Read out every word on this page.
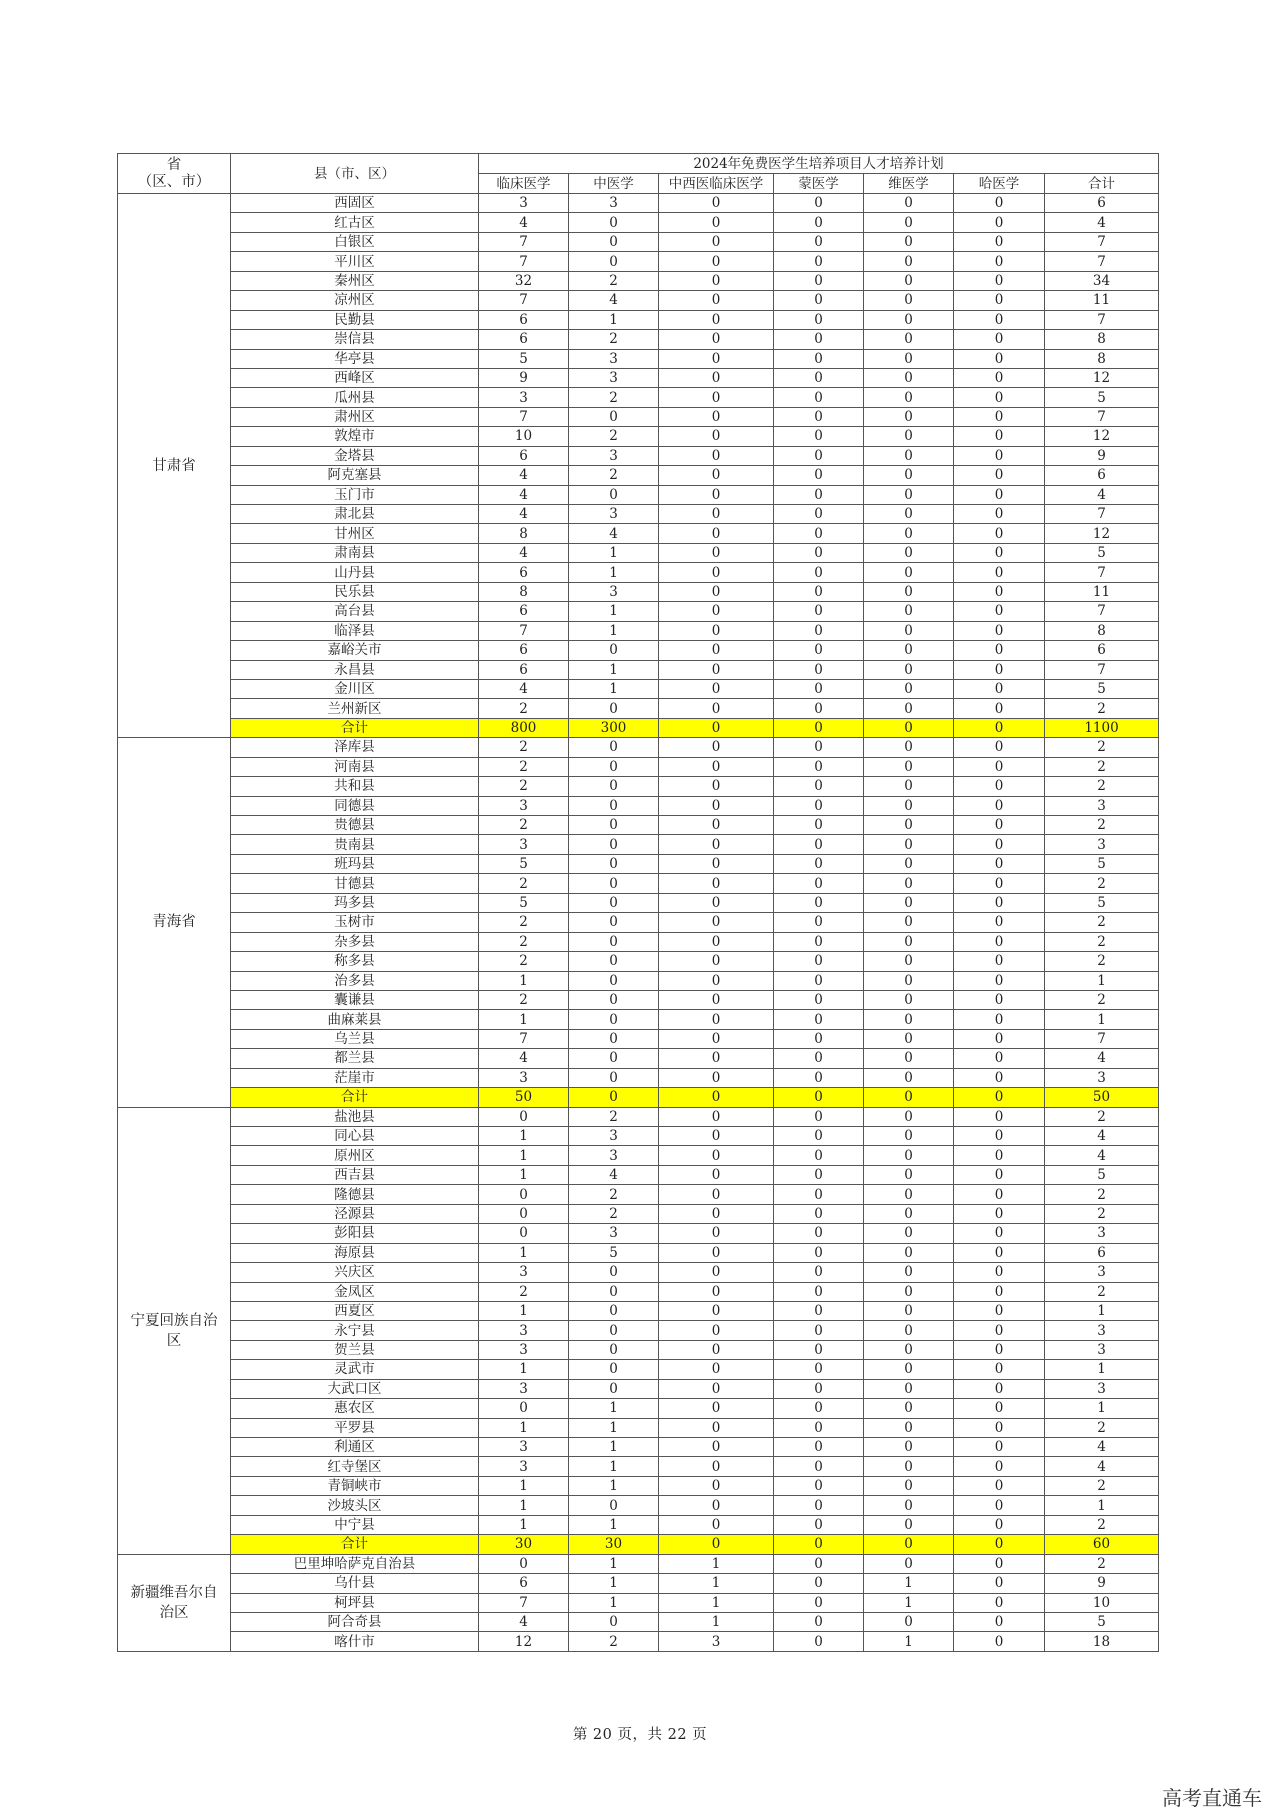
省
（区、市）	县（市、区）	2024年免费医学生培养项目人才培养计划						
		临床医学	中医学	中西医临床医学	蒙医学	维医学	哈医学	合计
甘肃省	西固区	3	3	0	0	0	0	6
	红古区	4	0	0	0	0	0	4
	白银区	7	0	0	0	0	0	7
	平川区	7	0	0	0	0	0	7
	秦州区	32	2	0	0	0	0	34
	凉州区	7	4	0	0	0	0	11
	民勤县	6	1	0	0	0	0	7
	崇信县	6	2	0	0	0	0	8
	华亭县	5	3	0	0	0	0	8
	西峰区	9	3	0	0	0	0	12
	瓜州县	3	2	0	0	0	0	5
	肃州区	7	0	0	0	0	0	7
	敦煌市	10	2	0	0	0	0	12
	金塔县	6	3	0	0	0	0	9
	阿克塞县	4	2	0	0	0	0	6
	玉门市	4	0	0	0	0	0	4
	肃北县	4	3	0	0	0	0	7
	甘州区	8	4	0	0	0	0	12
	肃南县	4	1	0	0	0	0	5
	山丹县	6	1	0	0	0	0	7
	民乐县	8	3	0	0	0	0	11
	高台县	6	1	0	0	0	0	7
	临泽县	7	1	0	0	0	0	8
	嘉峪关市	6	0	0	0	0	0	6
	永昌县	6	1	0	0	0	0	7
	金川区	4	1	0	0	0	0	5
	兰州新区	2	0	0	0	0	0	2
	合计	800	300	0	0	0	0	1100
青海省	泽库县	2	0	0	0	0	0	2
	河南县	2	0	0	0	0	0	2
	共和县	2	0	0	0	0	0	2
	同德县	3	0	0	0	0	0	3
	贵德县	2	0	0	0	0	0	2
	贵南县	3	0	0	0	0	0	3
	班玛县	5	0	0	0	0	0	5
	甘德县	2	0	0	0	0	0	2
	玛多县	5	0	0	0	0	0	5
	玉树市	2	0	0	0	0	0	2
	杂多县	2	0	0	0	0	0	2
	称多县	2	0	0	0	0	0	2
	治多县	1	0	0	0	0	0	1
	囊谦县	2	0	0	0	0	0	2
	曲麻莱县	1	0	0	0	0	0	1
	乌兰县	7	0	0	0	0	0	7
	都兰县	4	0	0	0	0	0	4
	茫崖市	3	0	0	0	0	0	3
	合计	50	0	0	0	0	0	50
宁夏回族自治区	盐池县	0	2	0	0	0	0	2
	同心县	1	3	0	0	0	0	4
	原州区	1	3	0	0	0	0	4
	西吉县	1	4	0	0	0	0	5
	隆德县	0	2	0	0	0	0	2
	泾源县	0	2	0	0	0	0	2
	彭阳县	0	3	0	0	0	0	3
	海原县	1	5	0	0	0	0	6
	兴庆区	3	0	0	0	0	0	3
	金凤区	2	0	0	0	0	0	2
	西夏区	1	0	0	0	0	0	1
	永宁县	3	0	0	0	0	0	3
	贺兰县	3	0	0	0	0	0	3
	灵武市	1	0	0	0	0	0	1
	大武口区	3	0	0	0	0	0	3
	惠农区	0	1	0	0	0	0	1
	平罗县	1	1	0	0	0	0	2
	利通区	3	1	0	0	0	0	4
	红寺堡区	3	1	0	0	0	0	4
	青铜峡市	1	1	0	0	0	0	2
	沙坡头区	1	0	0	0	0	0	1
	中宁县	1	1	0	0	0	0	2
	合计	30	30	0	0	0	0	60
新疆维吾尔自治区	巴里坤哈萨克自治县	0	1	1	0	0	0	2
	乌什县	6	1	1	0	1	0	9
	柯坪县	7	1	1	0	1	0	10
	阿合奇县	4	0	1	0	0	0	5
	喀什市	12	2	3	0	1	0	18
第 20 页，共 22 页
高考直通车
